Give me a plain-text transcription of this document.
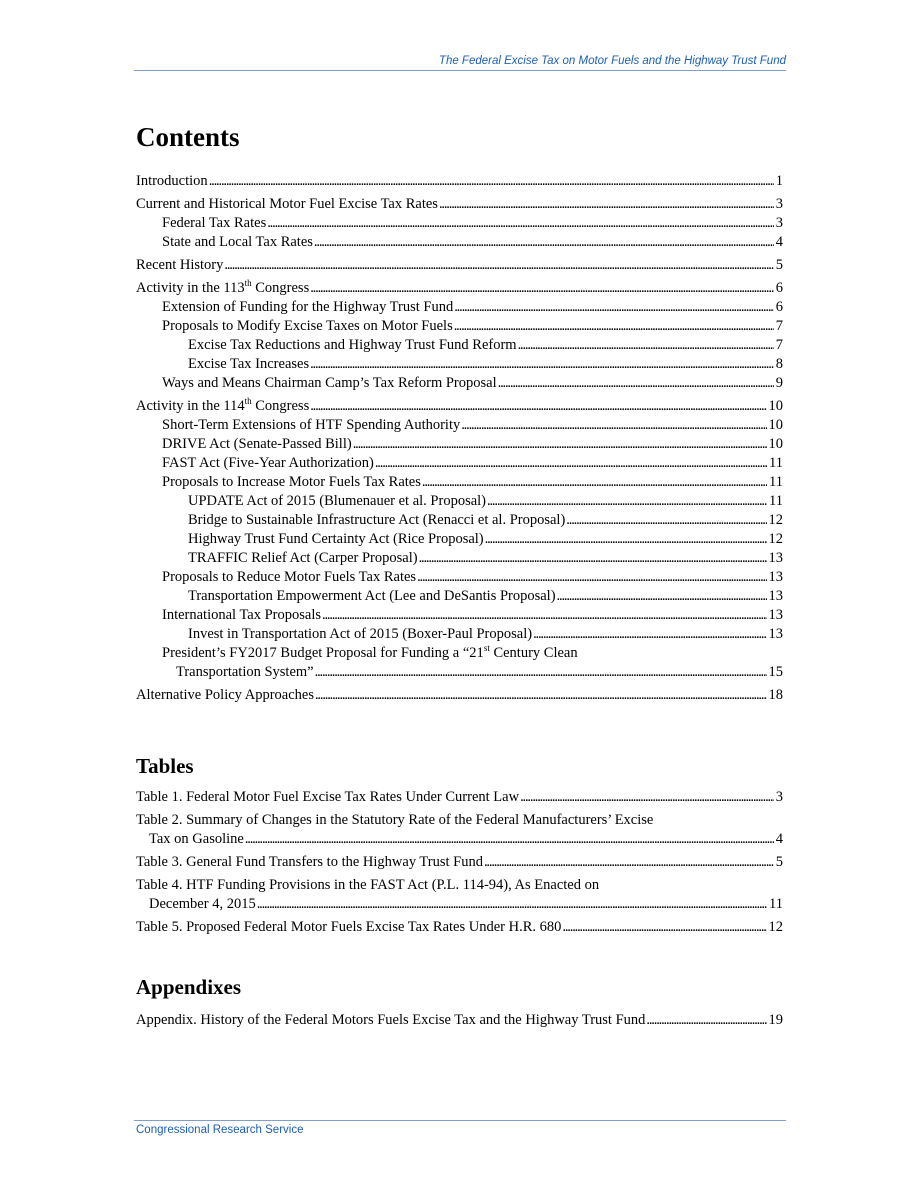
The Federal Excise Tax on Motor Fuels and the Highway Trust Fund
Contents
Introduction . . .	1
Current and Historical Motor Fuel Excise Tax Rates . . .	3
Federal Tax Rates . . .	3
State and Local Tax Rates . . .	4
Recent History . . .	5
Activity in the 113th Congress . . .	6
Extension of Funding for the Highway Trust Fund . . .	6
Proposals to Modify Excise Taxes on Motor Fuels . . .	7
Excise Tax Reductions and Highway Trust Fund Reform . . .	7
Excise Tax Increases . . .	8
Ways and Means Chairman Camp’s Tax Reform Proposal . . .	9
Activity in the 114th Congress . . .	10
Short-Term Extensions of HTF Spending Authority . . .	10
DRIVE Act (Senate-Passed Bill) . . .	10
FAST Act (Five-Year Authorization) . . .	11
Proposals to Increase Motor Fuels Tax Rates . . .	11
UPDATE Act of 2015 (Blumenauer et al. Proposal) . . .	11
Bridge to Sustainable Infrastructure Act (Renacci et al. Proposal) . . .	12
Highway Trust Fund Certainty Act (Rice Proposal) . . .	12
TRAFFIC Relief Act (Carper Proposal) . . .	13
Proposals to Reduce Motor Fuels Tax Rates . . .	13
Transportation Empowerment Act (Lee and DeSantis Proposal) . . .	13
International Tax Proposals . . .	13
Invest in Transportation Act of 2015 (Boxer-Paul Proposal) . . .	13
President’s FY2017 Budget Proposal for Funding a “21st Century Clean
Transportation System” . . .	15
Alternative Policy Approaches . . .	18
Tables
Table 1. Federal Motor Fuel Excise Tax Rates Under Current Law . . .	3
Table 2. Summary of Changes in the Statutory Rate of the Federal Manufacturers’ Excise
Tax on Gasoline . . .	4
Table 3. General Fund Transfers to the Highway Trust Fund . . .	5
Table 4. HTF Funding Provisions in the FAST Act (P.L. 114-94), As Enacted on
December 4, 2015 . . .	11
Table 5. Proposed Federal Motor Fuels Excise Tax Rates Under H.R. 680 . . .	12
Appendixes
Appendix. History of the Federal Motors Fuels Excise Tax and the Highway Trust Fund . . .	19
Congressional Research Service
